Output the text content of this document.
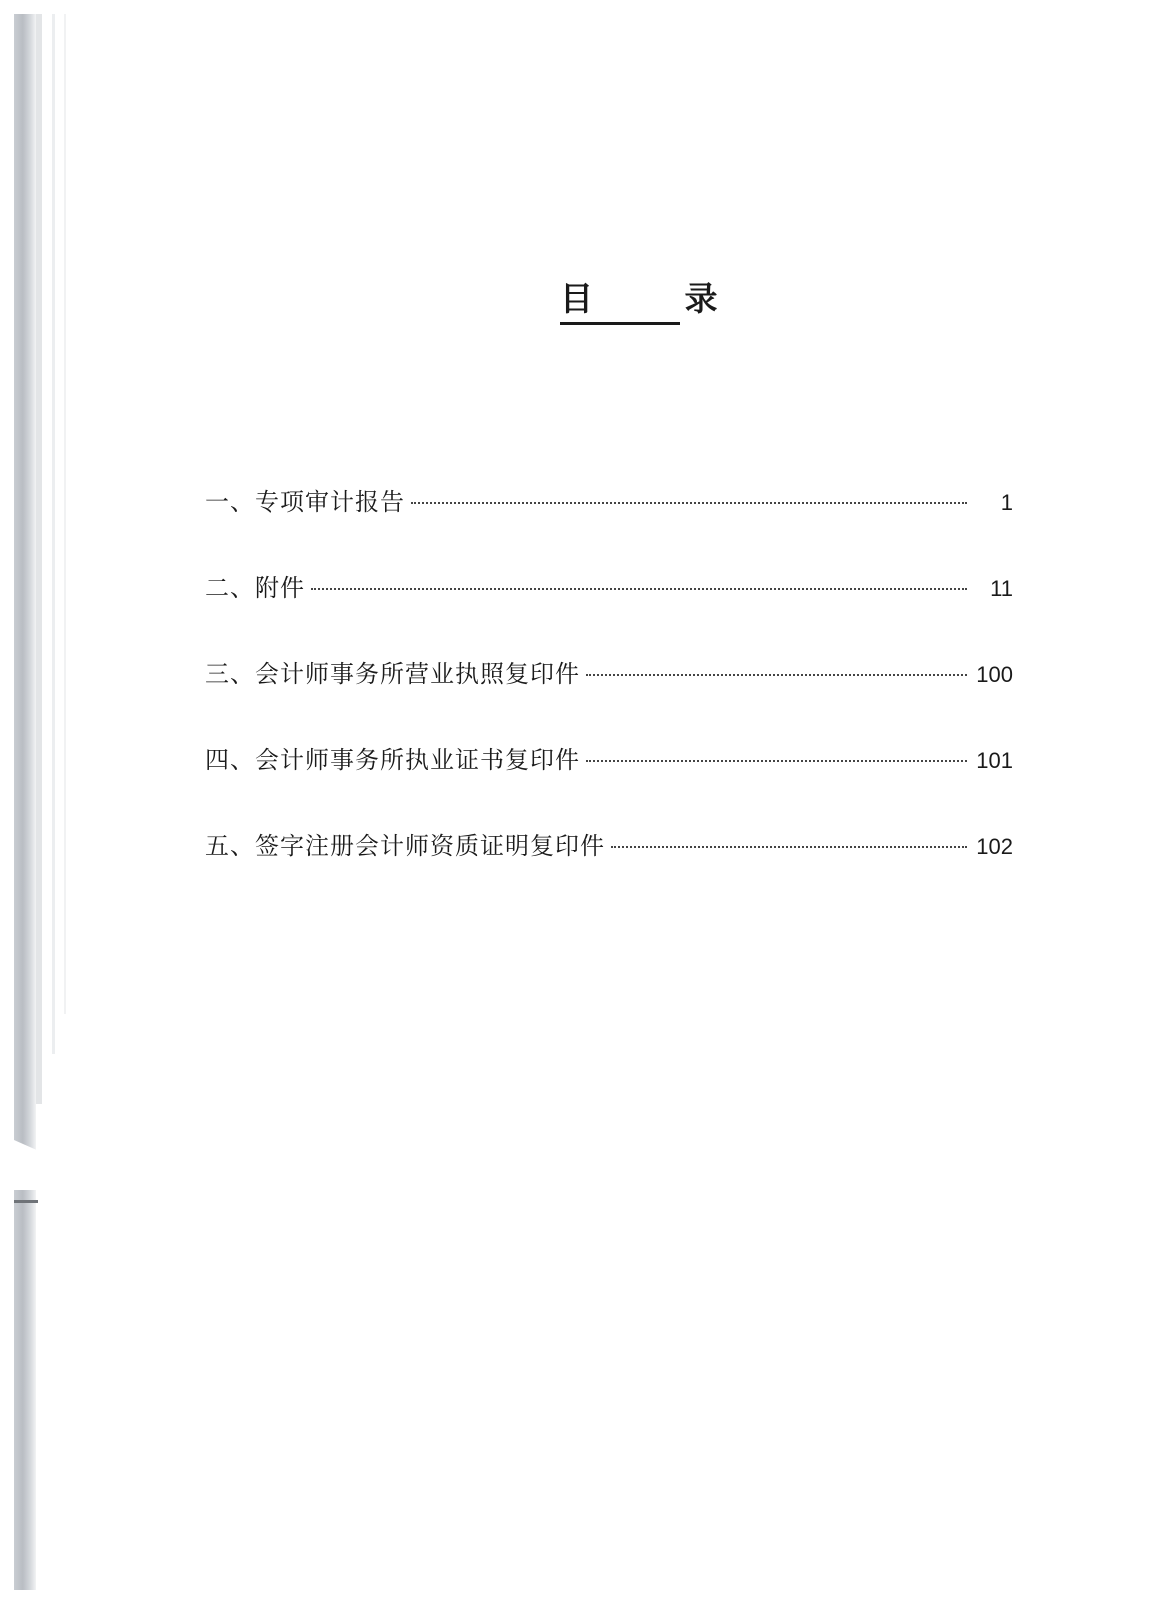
目 录
一、专项审计报告	1
二、附件	11
三、会计师事务所营业执照复印件	100
四、会计师事务所执业证书复印件	101
五、签字注册会计师资质证明复印件	102
